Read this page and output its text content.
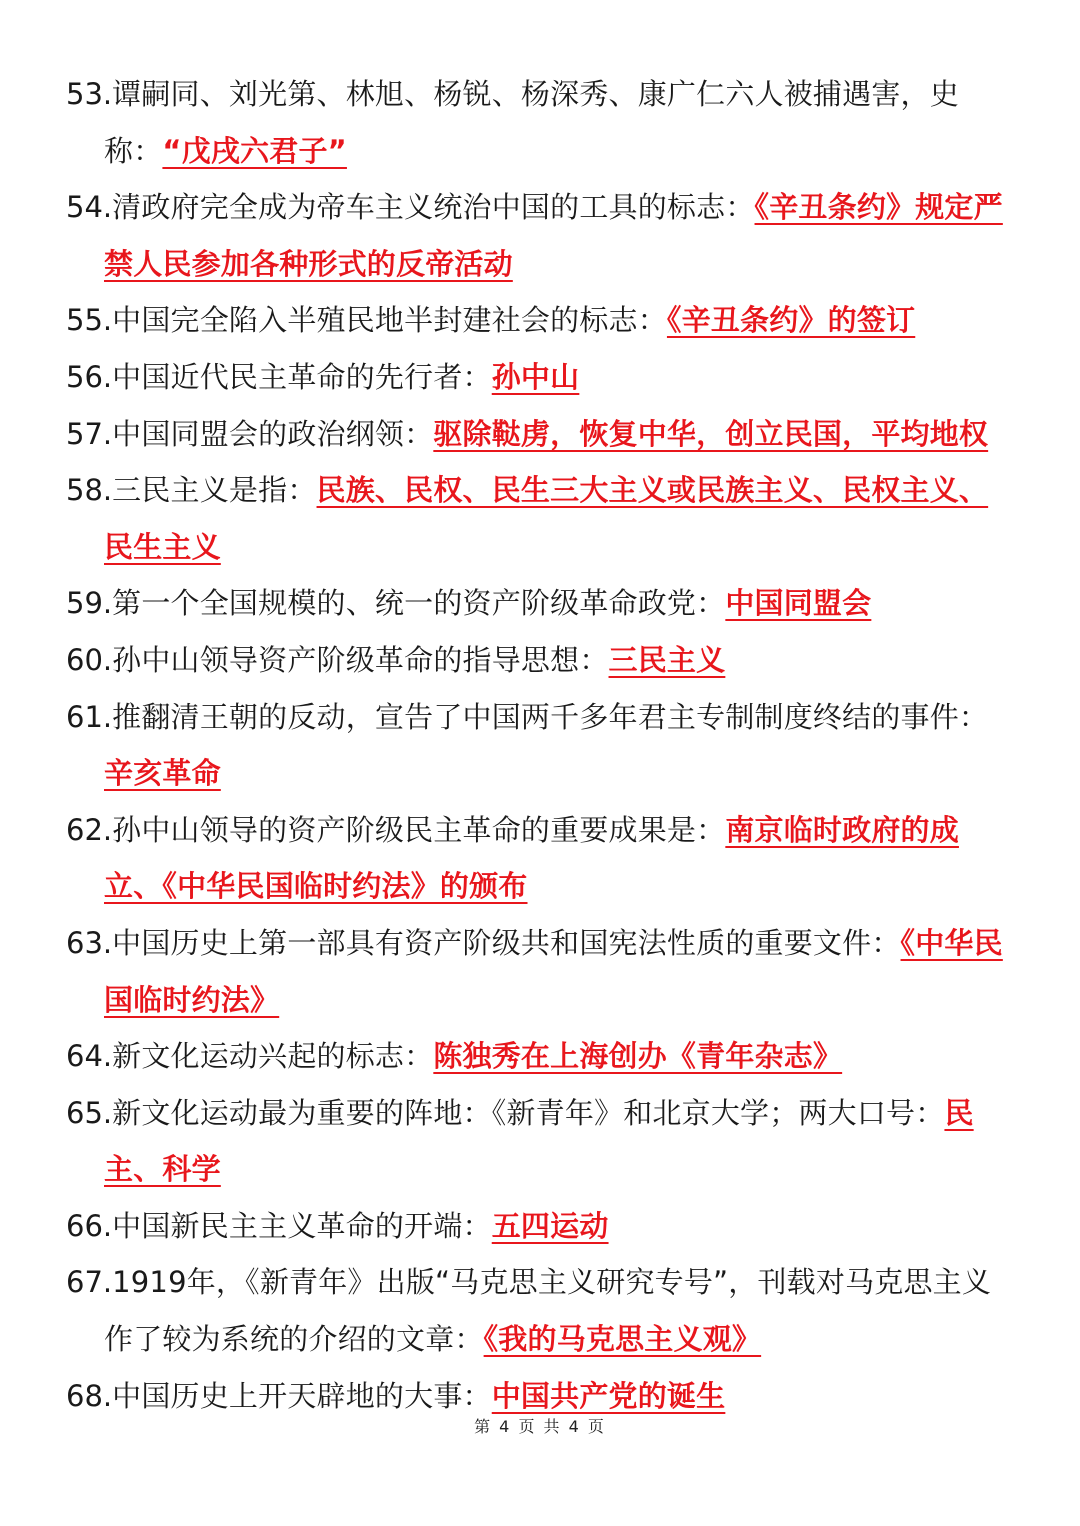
53.谭嗣同、刘光第、林旭、杨锐、杨深秀、康广仁六人被捕遇害，史称：“戊戌六君子”
54.清政府完全成为帝车主义统治中国的工具的标志：《辛丑条约》规定严禁人民参加各种形式的反帝活动
55.中国完全陷入半殖民地半封建社会的标志：《辛丑条约》的签订
56.中国近代民主革命的先行者：孙中山
57.中国同盟会的政治纲领：驱除鞑虏，恢复中华，创立民国，平均地权
58.三民主义是指：民族、民权、民生三大主义或民族主义、民权主义、民生主义
59.第一个全国规模的、统一的资产阶级革命政党：中国同盟会
60.孙中山领导资产阶级革命的指导思想：三民主义
61.推翻清王朝的反动，宣告了中国两千多年君主专制制度终结的事件：辛亥革命
62.孙中山领导的资产阶级民主革命的重要成果是：南京临时政府的成立、《中华民国临时约法》的颁布
63.中国历史上第一部具有资产阶级共和国宪法性质的重要文件：《中华民国临时约法》
64.新文化运动兴起的标志：陈独秀在上海创办《青年杂志》
65.新文化运动最为重要的阵地：《新青年》和北京大学；两大口号：民主、科学
66.中国新民主主义革命的开端：五四运动
67.1919年，《新青年》出版“马克思主义研究专号”，刊载对马克思主义作了较为系统的介绍的文章：《我的马克思主义观》
68.中国历史上开天辟地的大事：中国共产党的诞生
第 4 页 共 4 页
